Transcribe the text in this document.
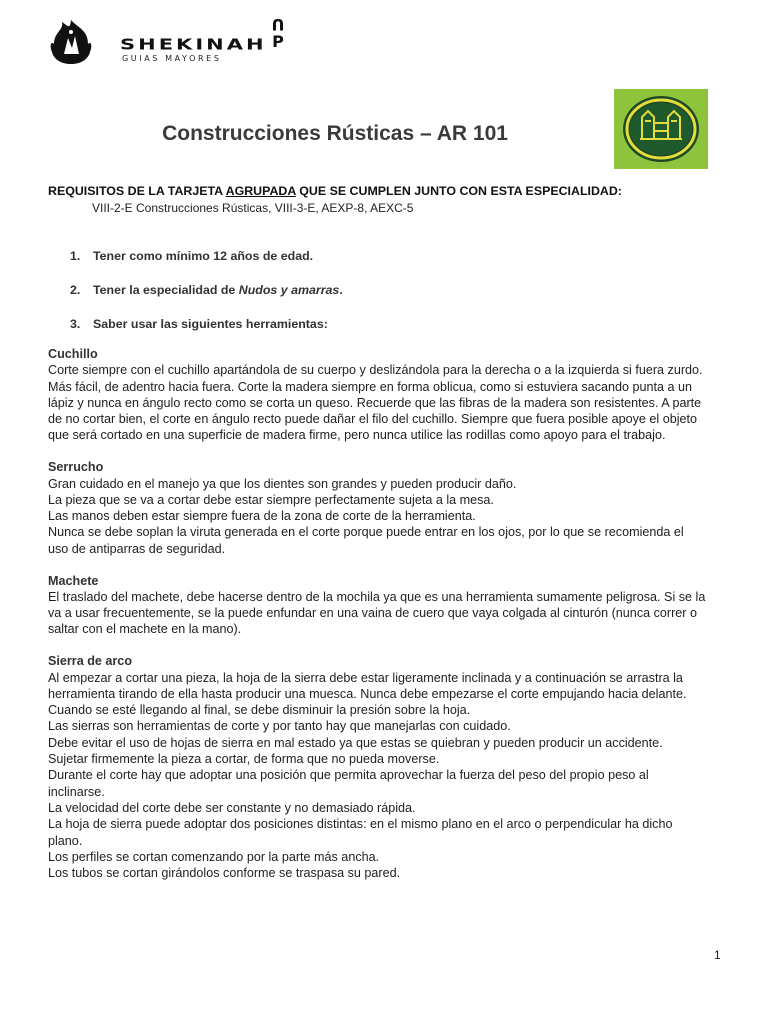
SHEKINAH
GUIAS MAYORES
U
P
Construcciones Rústicas – AR 101
REQUISITOS DE LA TARJETA AGRUPADA QUE SE CUMPLEN JUNTO CON ESTA ESPECIALIDAD:
VIII-2-E Construcciones Rústicas, VIII-3-E, AEXP-8, AEXC-5
1. Tener como mínimo 12 años de edad.
2. Tener la especialidad de Nudos y amarras.
3. Saber usar las siguientes herramientas:
Cuchillo

Corte siempre con el cuchillo apartándola de su cuerpo y deslizándola para la derecha o a la izquierda si fuera zurdo.
Más fácil, de adentro hacia fuera. Corte la madera siempre en forma oblicua, como si estuviera sacando punta a un
lápiz y nunca en ángulo recto como se corta un queso. Recuerde que las fibras de la madera son resistentes. A parte
de no cortar bien, el corte en ángulo recto puede dañar el filo del cuchillo. Siempre que fuera posible apoye el objeto
que será cortado en una superficie de madera firme, pero nunca utilice las rodillas como apoyo para el trabajo.

Serrucho

Gran cuidado en el manejo ya que los dientes son grandes y pueden producir daño.
La pieza que se va a cortar debe estar siempre perfectamente sujeta a la mesa.
Las manos deben estar siempre fuera de la zona de corte de la herramienta.
Nunca se debe soplan la viruta generada en el corte porque puede entrar en los ojos, por lo que se recomienda el
uso de antiparras de seguridad.

Machete

El traslado del machete, debe hacerse dentro de la mochila ya que es una herramienta sumamente peligrosa. Si se la
va a usar frecuentemente, se la puede enfundar en una vaina de cuero que vaya colgada al cinturón (nunca correr o
saltar con el machete en la mano).

Sierra de arco

Al empezar a cortar una pieza, la hoja de la sierra debe estar ligeramente inclinada y a continuación se arrastra la
herramienta tirando de ella hasta producir una muesca. Nunca debe empezarse el corte empujando hacia delante.
Cuando se esté llegando al final, se debe disminuir la presión sobre la hoja.
Las sierras son herramientas de corte y por tanto hay que manejarlas con cuidado.
Debe evitar el uso de hojas de sierra en mal estado ya que estas se quiebran y pueden producir un accidente.
Sujetar firmemente la pieza a cortar, de forma que no pueda moverse.
Durante el corte hay que adoptar una posición que permita aprovechar la fuerza del peso del propio peso al
inclinarse.
La velocidad del corte debe ser constante y no demasiado rápida.
La hoja de sierra puede adoptar dos posiciones distintas: en el mismo plano en el arco o perpendicular ha dicho
plano.
Los perfiles se cortan comenzando por la parte más ancha.
Los tubos se cortan girándolos conforme se traspasa su pared.

1
